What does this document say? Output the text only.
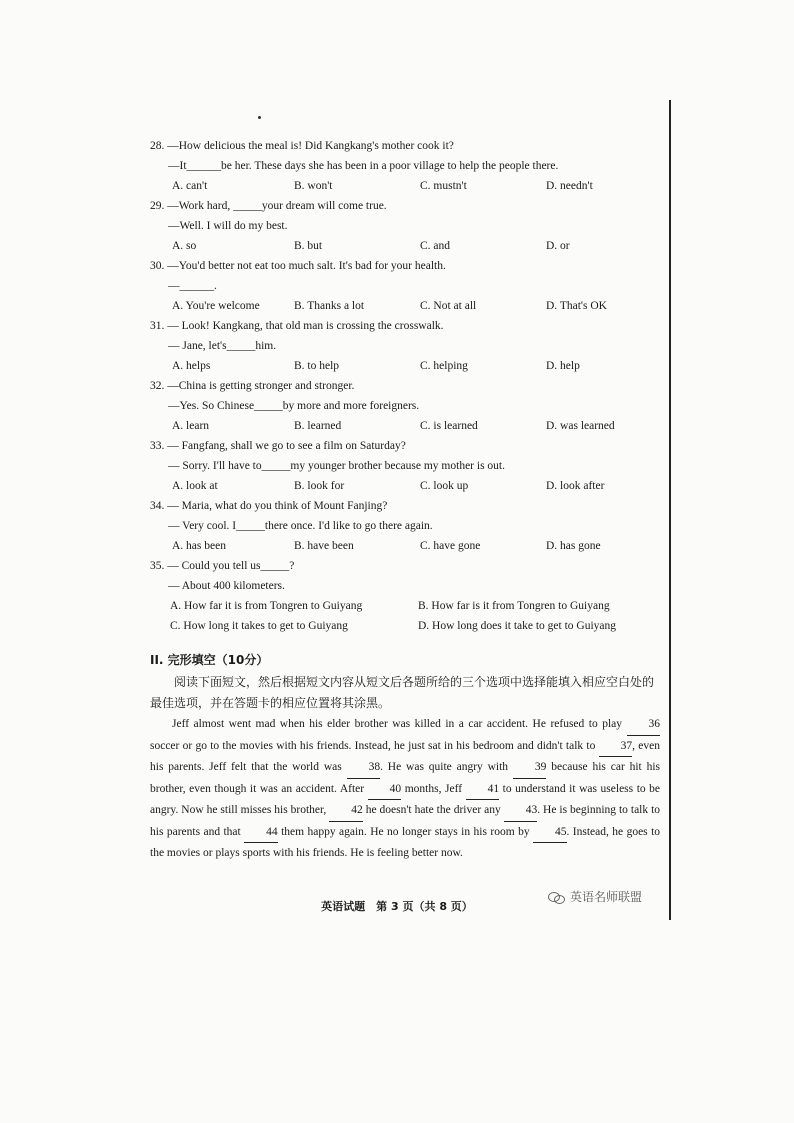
28. —How delicious the meal is! Did Kangkang's mother cook it?
—It______be her. These days she has been in a poor village to help the people there.
A. can't	B. won't	C. mustn't	D. needn't
29. —Work hard, _____your dream will come true.
—Well. I will do my best.
A. so	B. but	C. and	D. or
30. —You'd better not eat too much salt. It's bad for your health.
—______.
A. You're welcome	B. Thanks a lot	C. Not at all	D. That's OK
31. — Look! Kangkang, that old man is crossing the crosswalk.
— Jane, let's_____him.
A. helps	B. to help	C. helping	D. help
32. —China is getting stronger and stronger.
—Yes. So Chinese_____by more and more foreigners.
A. learn	B. learned	C. is learned	D. was learned
33. — Fangfang, shall we go to see a film on Saturday?
— Sorry. I'll have to_____my younger brother because my mother is out.
A. look at	B. look for	C. look up	D. look after
34. — Maria, what do you think of Mount Fanjing?
— Very cool. I_____there once. I'd like to go there again.
A. has been	B. have been	C. have gone	D. has gone
35. — Could you tell us_____?
— About 400 kilometers.
A. How far it is from Tongren to Guiyang	B. How far is it from Tongren to Guiyang
C. How long it takes to get to Guiyang	D. How long does it take to get to Guiyang
II. 完形填空（10分）

阅读下面短文，然后根据短文内容从短文后各题所给的三个选项中选择能填入相应空白处的最佳选项，并在答题卡的相应位置将其涂黑。

Jeff almost went mad when his elder brother was killed in a car accident. He refused to play 36 soccer or go to the movies with his friends. Instead, he just sat in his bedroom and didn't talk to 37, even his parents. Jeff felt that the world was 38. He was quite angry with 39 because his car hit his brother, even though it was an accident. After 40 months, Jeff 41 to understand it was useless to be angry. Now he still misses his brother, 42 he doesn't hate the driver any 43. He is beginning to talk to his parents and that 44 them happy again. He no longer stays in his room by 45. Instead, he goes to the movies or plays sports with his friends. He is feeling better now.

英语试题　第 3 页（共 8 页）
英语名师联盟
